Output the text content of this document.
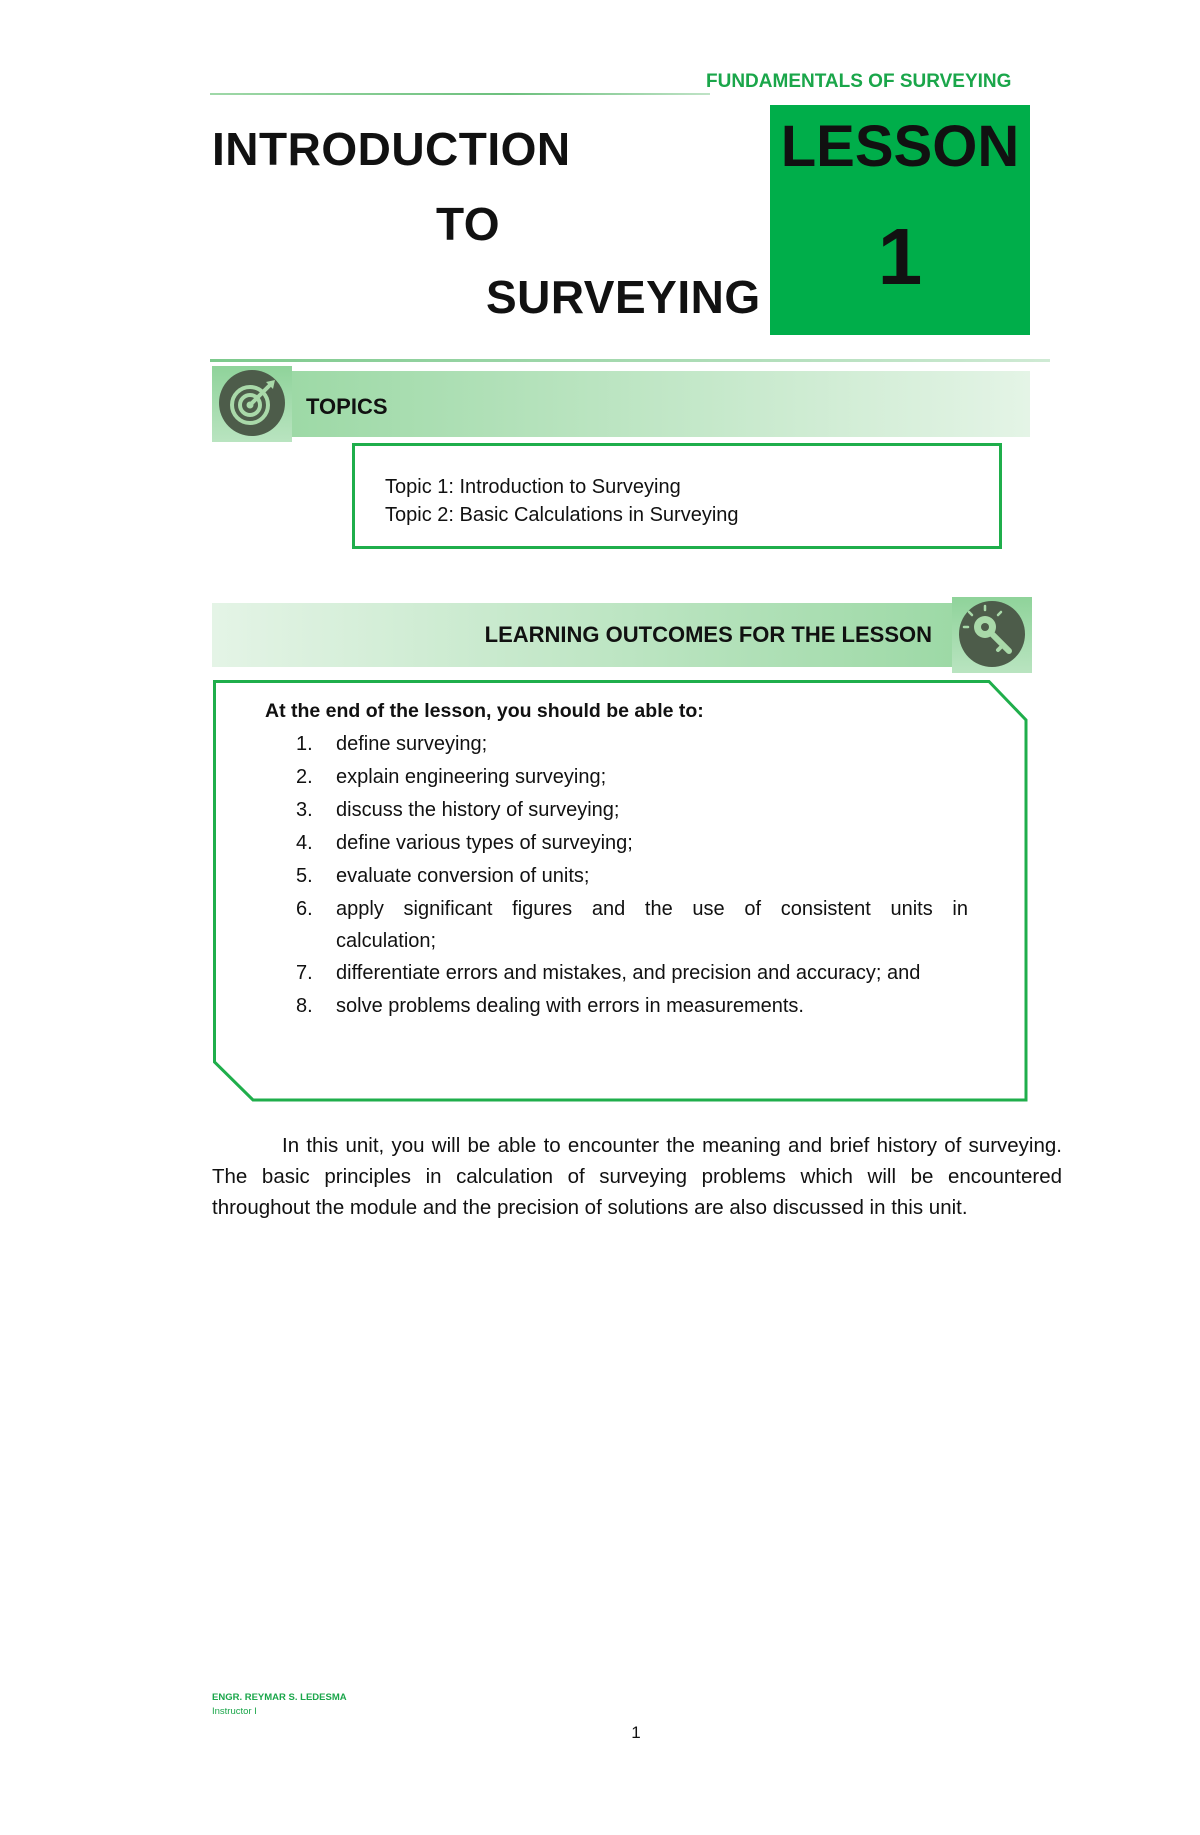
FUNDAMENTALS OF SURVEYING
INTRODUCTION
TO
SURVEYING
LESSON
1
TOPICS
Topic 1: Introduction to Surveying
Topic 2: Basic Calculations in Surveying
LEARNING OUTCOMES FOR THE LESSON
At the end of the lesson, you should be able to:
1.	define surveying;
2.	explain engineering surveying;
3.	discuss the history of surveying;
4.	define various types of surveying;
5.	evaluate conversion of units;
6.	apply significant figures and the use of consistent units in
calculation;
7.	differentiate errors and mistakes, and precision and accuracy; and
8.	solve problems dealing with errors in measurements.
In this unit, you will be able to encounter the meaning and brief history of surveying. The basic principles in calculation of surveying problems which will be encountered throughout the module and the precision of solutions are also discussed in this unit.
ENGR. REYMAR S. LEDESMA
Instructor I
1
